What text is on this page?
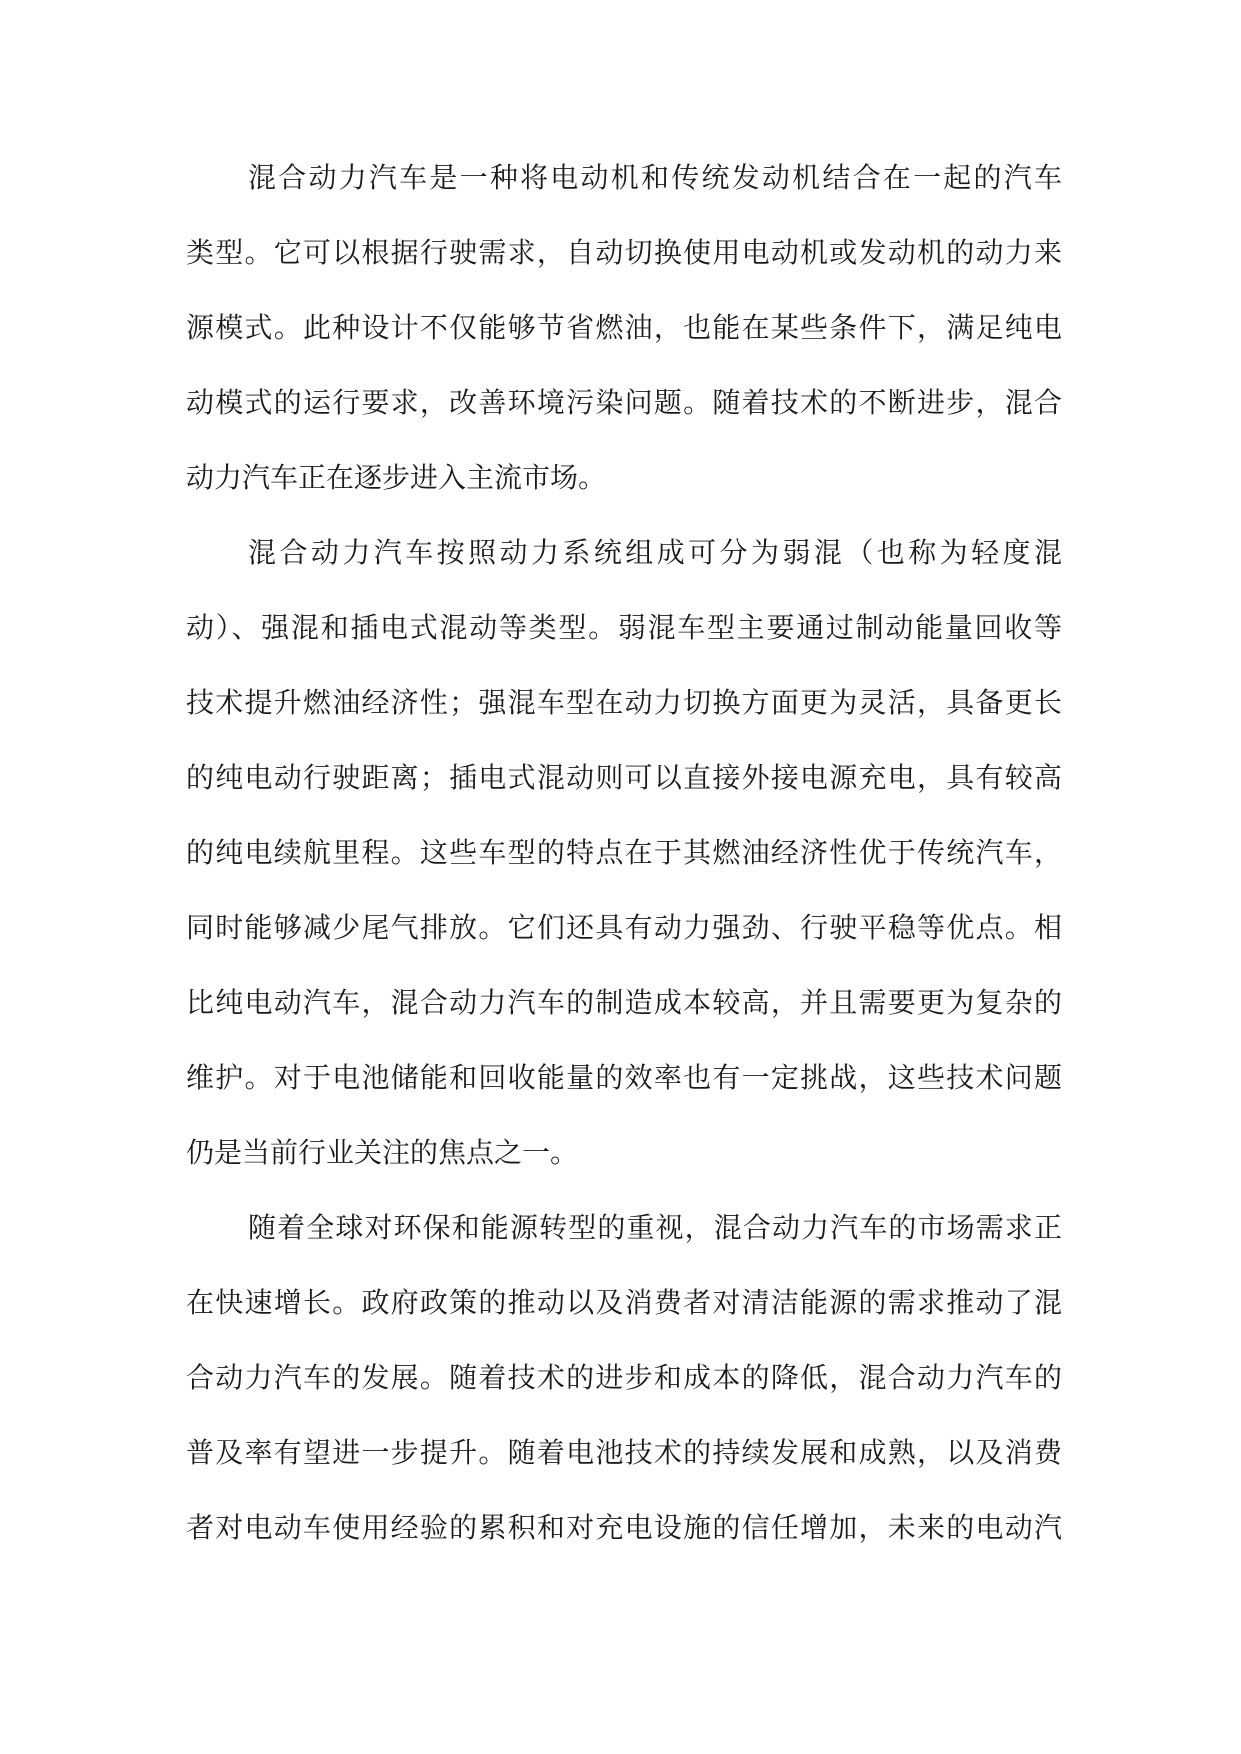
混合动力汽车是一种将电动机和传统发动机结合在一起的汽车
类型。它可以根据行驶需求，自动切换使用电动机或发动机的动力来
源模式。此种设计不仅能够节省燃油，也能在某些条件下，满足纯电
动模式的运行要求，改善环境污染问题。随着技术的不断进步，混合
动力汽车正在逐步进入主流市场。
混合动力汽车按照动力系统组成可分为弱混（也称为轻度混
动）、强混和插电式混动等类型。弱混车型主要通过制动能量回收等
技术提升燃油经济性；强混车型在动力切换方面更为灵活，具备更长
的纯电动行驶距离；插电式混动则可以直接外接电源充电，具有较高
的纯电续航里程。这些车型的特点在于其燃油经济性优于传统汽车，
同时能够减少尾气排放。它们还具有动力强劲、行驶平稳等优点。相
比纯电动汽车，混合动力汽车的制造成本较高，并且需要更为复杂的
维护。对于电池储能和回收能量的效率也有一定挑战，这些技术问题
仍是当前行业关注的焦点之一。
随着全球对环保和能源转型的重视，混合动力汽车的市场需求正
在快速增长。政府政策的推动以及消费者对清洁能源的需求推动了混
合动力汽车的发展。随着技术的进步和成本的降低，混合动力汽车的
普及率有望进一步提升。随着电池技术的持续发展和成熟，以及消费
者对电动车使用经验的累积和对充电设施的信任增加，未来的电动汽
